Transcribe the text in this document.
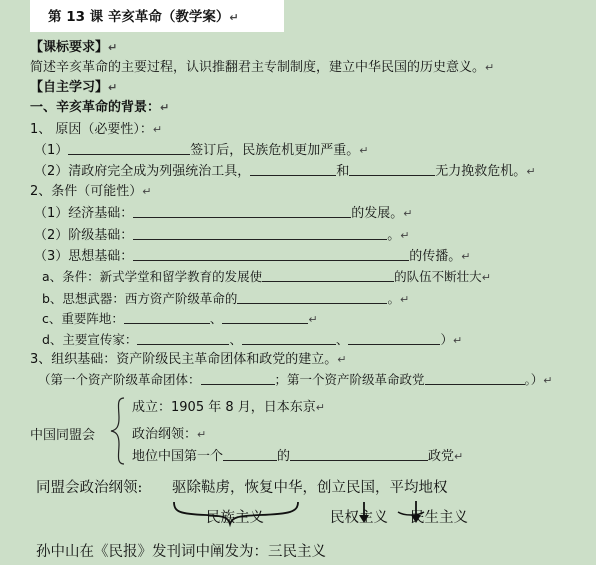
第 13 课 辛亥革命（教学案）↵
【课标要求】↵
简述辛亥革命的主要过程，认识推翻君主专制制度，建立中华民国的历史意义。↵
【自主学习】↵
一、辛亥革命的背景：↵
1、 原因（必要性）：↵
（1）	签订后，民族危机更加严重。↵
（2）清政府完全成为列强统治工具，	和	无力挽救危机。↵
2、条件（可能性）↵
（1）经济基础：	的发展。↵
（2）阶级基础：	。↵
（3）思想基础：	的传播。↵
a、条件：新式学堂和留学教育的发展使	的队伍不断壮大↵
b、思想武器：西方资产阶级革命的	。↵
c、重要阵地：	、	↵
d、主要宣传家：	、	、	）↵
3、组织基础：资产阶级民主革命团体和政党的建立。↵
（第一个资产阶级革命团体：	；第一个资产阶级革命政党	。）↵
中国同盟会
成立：1905 年 8 月，日本东京↵
政治纲领：↵
地位中国第一个	的	政党↵
同盟会政治纲领: 驱除鞑虏，恢复中华，创立民国，平均地权
民族主义	民权主义 民生主义
孙中山在《民报》发刊词中阐发为：三民主义
